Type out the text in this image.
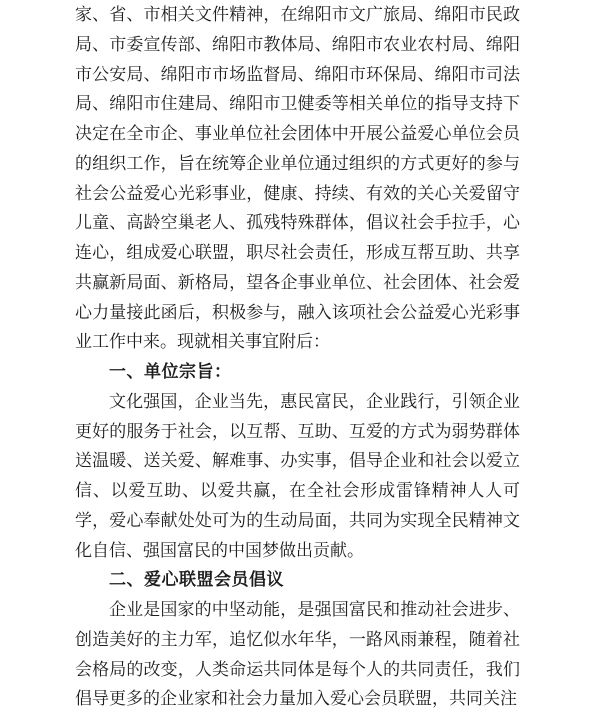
家、省、市相关文件精神，在绵阳市文广旅局、绵阳市民政局、市委宣传部、绵阳市教体局、绵阳市农业农村局、绵阳市公安局、绵阳市市场监督局、绵阳市环保局、绵阳市司法局、绵阳市住建局、绵阳市卫健委等相关单位的指导支持下决定在全市企、事业单位社会团体中开展公益爱心单位会员的组织工作，旨在统筹企业单位通过组织的方式更好的参与社会公益爱心光彩事业，健康、持续、有效的关心关爱留守儿童、高龄空巢老人、孤残特殊群体，倡议社会手拉手，心连心，组成爱心联盟，职尽社会责任，形成互帮互助、共享共赢新局面、新格局，望各企事业单位、社会团体、社会爱心力量接此函后，积极参与，融入该项社会公益爱心光彩事业工作中来。现就相关事宜附后：

一、单位宗旨：

文化强国，企业当先，惠民富民，企业践行，引领企业更好的服务于社会，以互帮、互助、互爱的方式为弱势群体送温暖、送关爱、解难事、办实事，倡导企业和社会以爱立信、以爱互助、以爱共赢，在全社会形成雷锋精神人人可学，爱心奉献处处可为的生动局面，共同为实现全民精神文化自信、强国富民的中国梦做出贡献。

二、爱心联盟会员倡议

企业是国家的中坚动能，是强国富民和推动社会进步、创造美好的主力军，追忆似水年华，一路风雨兼程，随着社会格局的改变，人类命运共同体是每个人的共同责任，我们倡导更多的企业家和社会力量加入爱心会员联盟，共同关注
